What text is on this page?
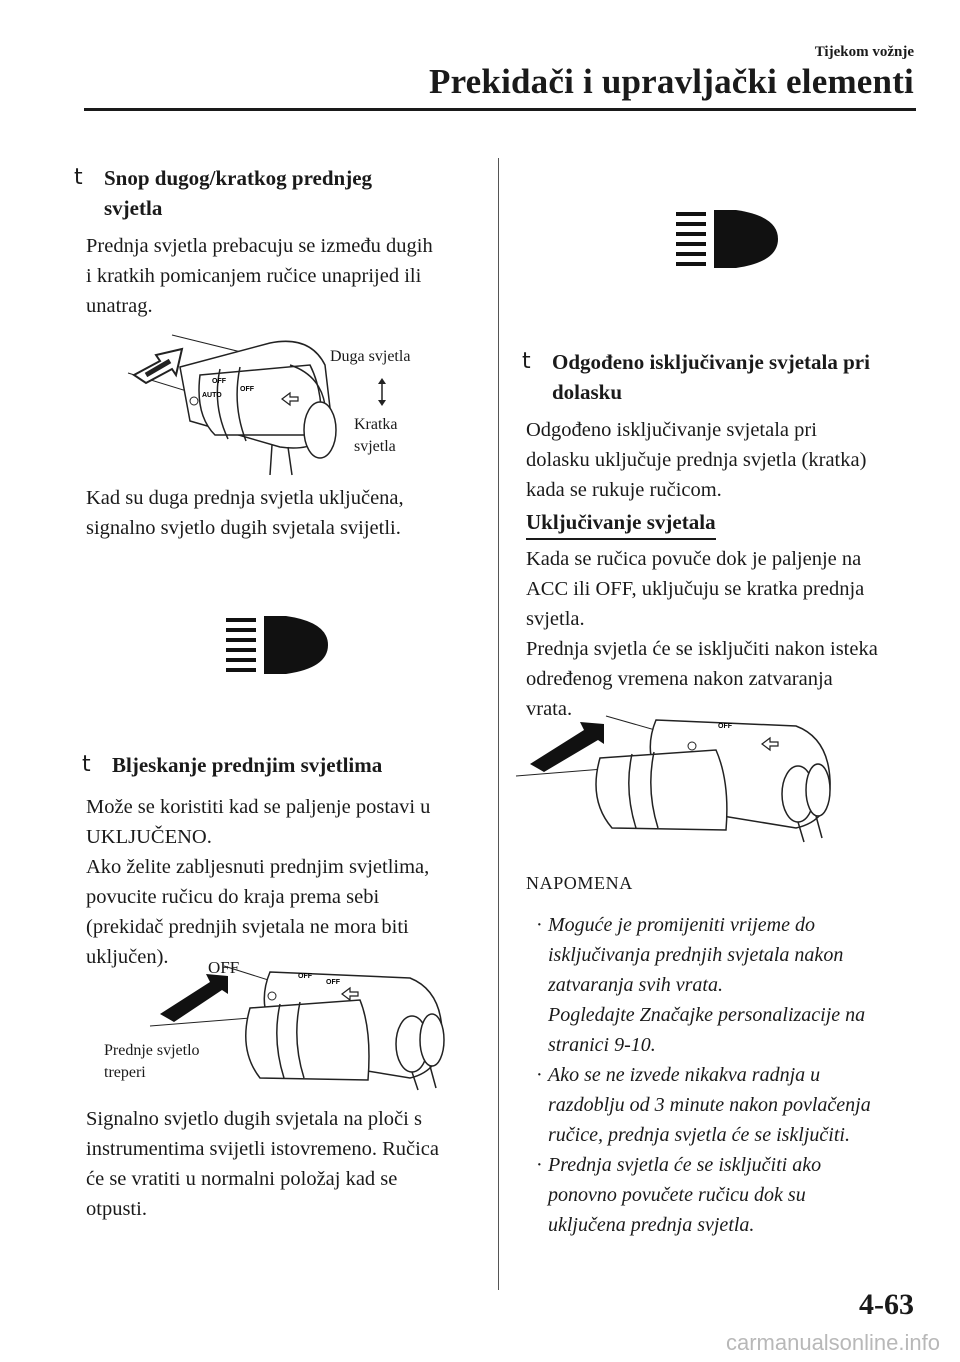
Tijekom vožnje
Prekidači i upravljački elementi
t Snop dugog/kratkog prednjeg
svjetla
Prednja svjetla prebacuju se između dugih
i kratkih pomicanjem ručice unaprijed ili
unatrag.
OFF
AUTO
OFF
Duga svjetla
Kratka
svjetla
Kad su duga prednja svjetla uključena,
signalno svjetlo dugih svjetala svijetli.
t Bljeskanje prednjim svjetlima
Može se koristiti kad se paljenje postavi u
UKLJUČENO.
Ako želite zabljesnuti prednjim svjetlima,
povucite ručicu do kraja prema sebi
(prekidač prednjih svjetala ne mora biti
uključen).
OFF
OFF
OFF
Prednje svjetlo
treperi
Signalno svjetlo dugih svjetala na ploči s
instrumentima svijetli istovremeno. Ručica
će se vratiti u normalni položaj kad se
otpusti.
t Odgođeno isključivanje svjetala pri
dolasku
Odgođeno isključivanje svjetala pri
dolasku uključuje prednja svjetla (kratka)
kada se rukuje ručicom.
Uključivanje svjetala
Kada se ručica povuče dok je paljenje na
ACC ili OFF, uključuju se kratka prednja
svjetla.
Prednja svjetla će se isključiti nakon isteka
određenog vremena nakon zatvaranja
vrata.
OFF
NAPOMENA
· Moguće je promijeniti vrijeme do
isključivanja prednjih svjetala nakon
zatvaranja svih vrata.
Pogledajte Značajke personalizacije na
stranici 9-10.
· Ako se ne izvede nikakva radnja u
razdoblju od 3 minute nakon povlačenja
ručice, prednja svjetla će se isključiti.
· Prednja svjetla će se isključiti ako
ponovno povučete ručicu dok su
uključena prednja svjetla.
4-63
carmanualsonline.info
